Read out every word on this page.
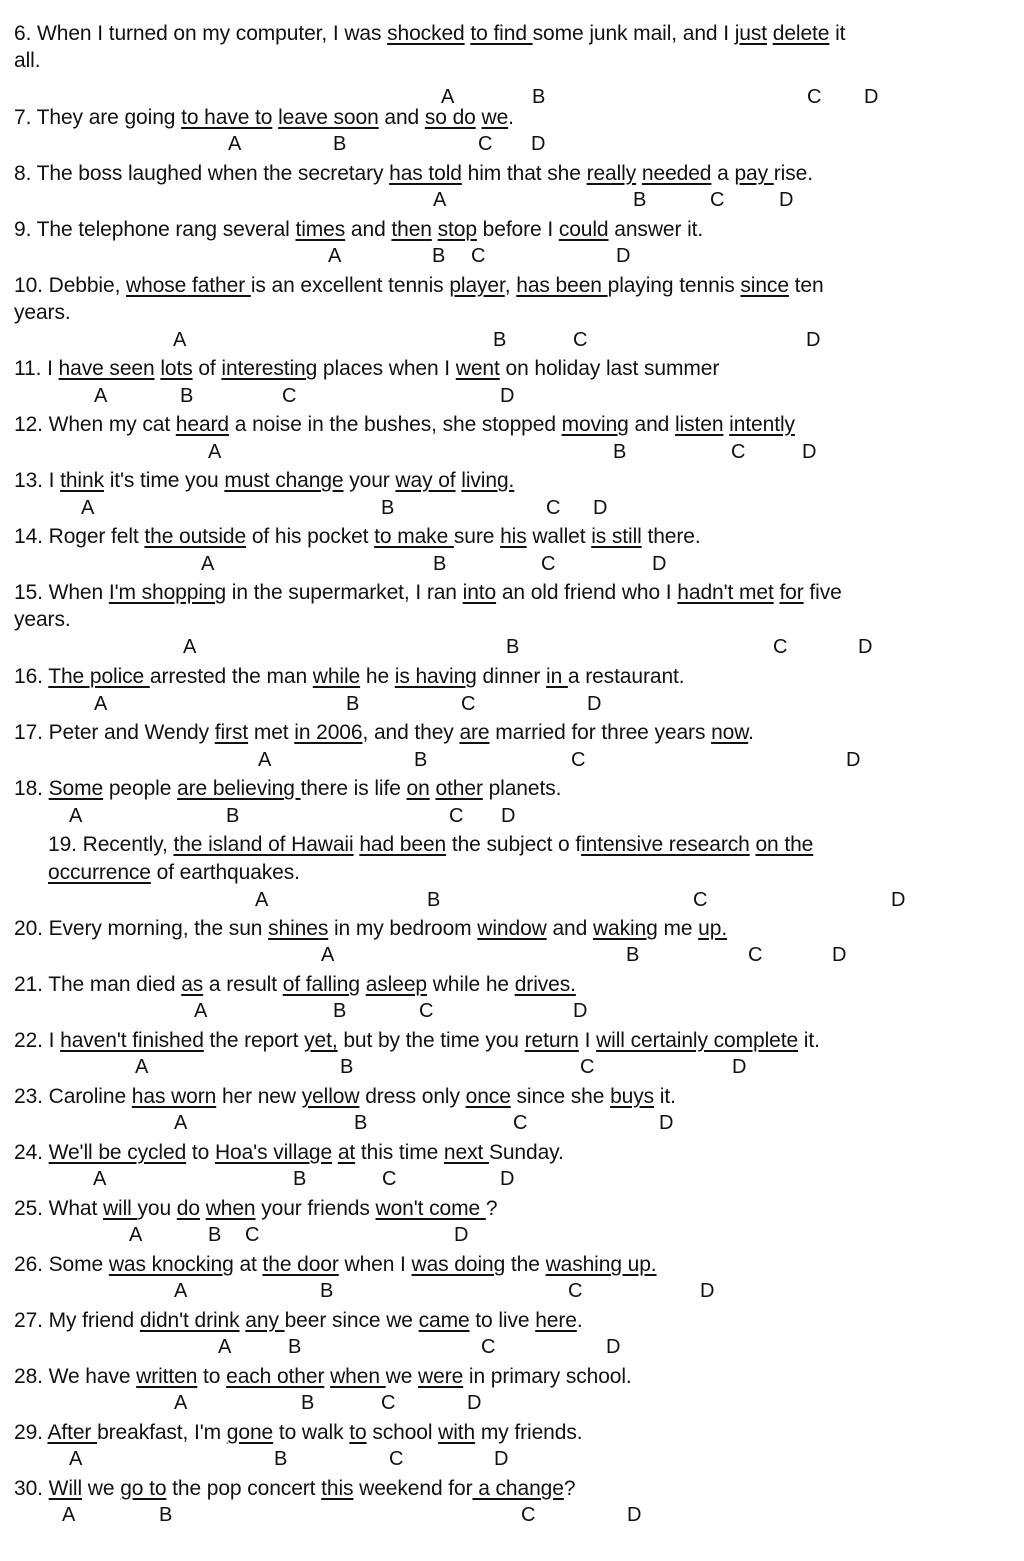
6. When I turned on my computer, I was shocked to find some junk mail, and I just delete it
all.
A	B	C D
7. They are going to have to leave soon and so do we.
A	B	C D
8. The boss laughed when the secretary has told him that she really needed a pay rise.
A	B	C	D
9. The telephone rang several times and then stop before I could answer it.
A	B C	D
10. Debbie, whose father is an excellent tennis player, has been playing tennis since ten
years.
A	B	C	D
11. I have seen lots of interesting places when I went on holiday last summer
A	B	C	D
12. When my cat heard a noise in the bushes, she stopped moving and listen intently
A	B	C	D
13. I think it's time you must change your way of living.
A	B	C D
14. Roger felt the outside of his pocket to make sure his wallet is still there.
A	B	C	D
15. When I'm shopping in the supermarket, I ran into an old friend who I hadn't met for five
years.
A	B	C	D
16. The police arrested the man while he is having dinner in a restaurant.
A	B	C	D
17. Peter and Wendy first met in 2006, and they are married for three years now.
A	B	C	D
18. Some people are believing there is life on other planets.
A	B	C D
19. Recently, the island of Hawaii had been the subject o fintensive research on the
occurrence of earthquakes.
A	B	C	D
20. Every morning, the sun shines in my bedroom window and waking me up.
A	B	C	D
21. The man died as a result of falling asleep while he drives.
A	B	C	D
22. I haven't finished the report yet, but by the time you return I will certainly complete it.
A	B	C	D
23. Caroline has worn her new yellow dress only once since she buys it.
A	B	C	D
24. We'll be cycled to Hoa's village at this time next Sunday.
A	B	C	D
25. What will you do when your friends won't come ?
A	B C	D
26. Some was knocking at the door when I was doing the washing up.
A	B	C	D
27. My friend didn't drink any beer since we came to live here.
A	B	C	D
28. We have written to each other when we were in primary school.
A	B	C	D
29. After breakfast, I'm gone to walk to school with my friends.
A	B	C	D
30. Will we go to the pop concert this weekend for a change?
A	B	C	D
